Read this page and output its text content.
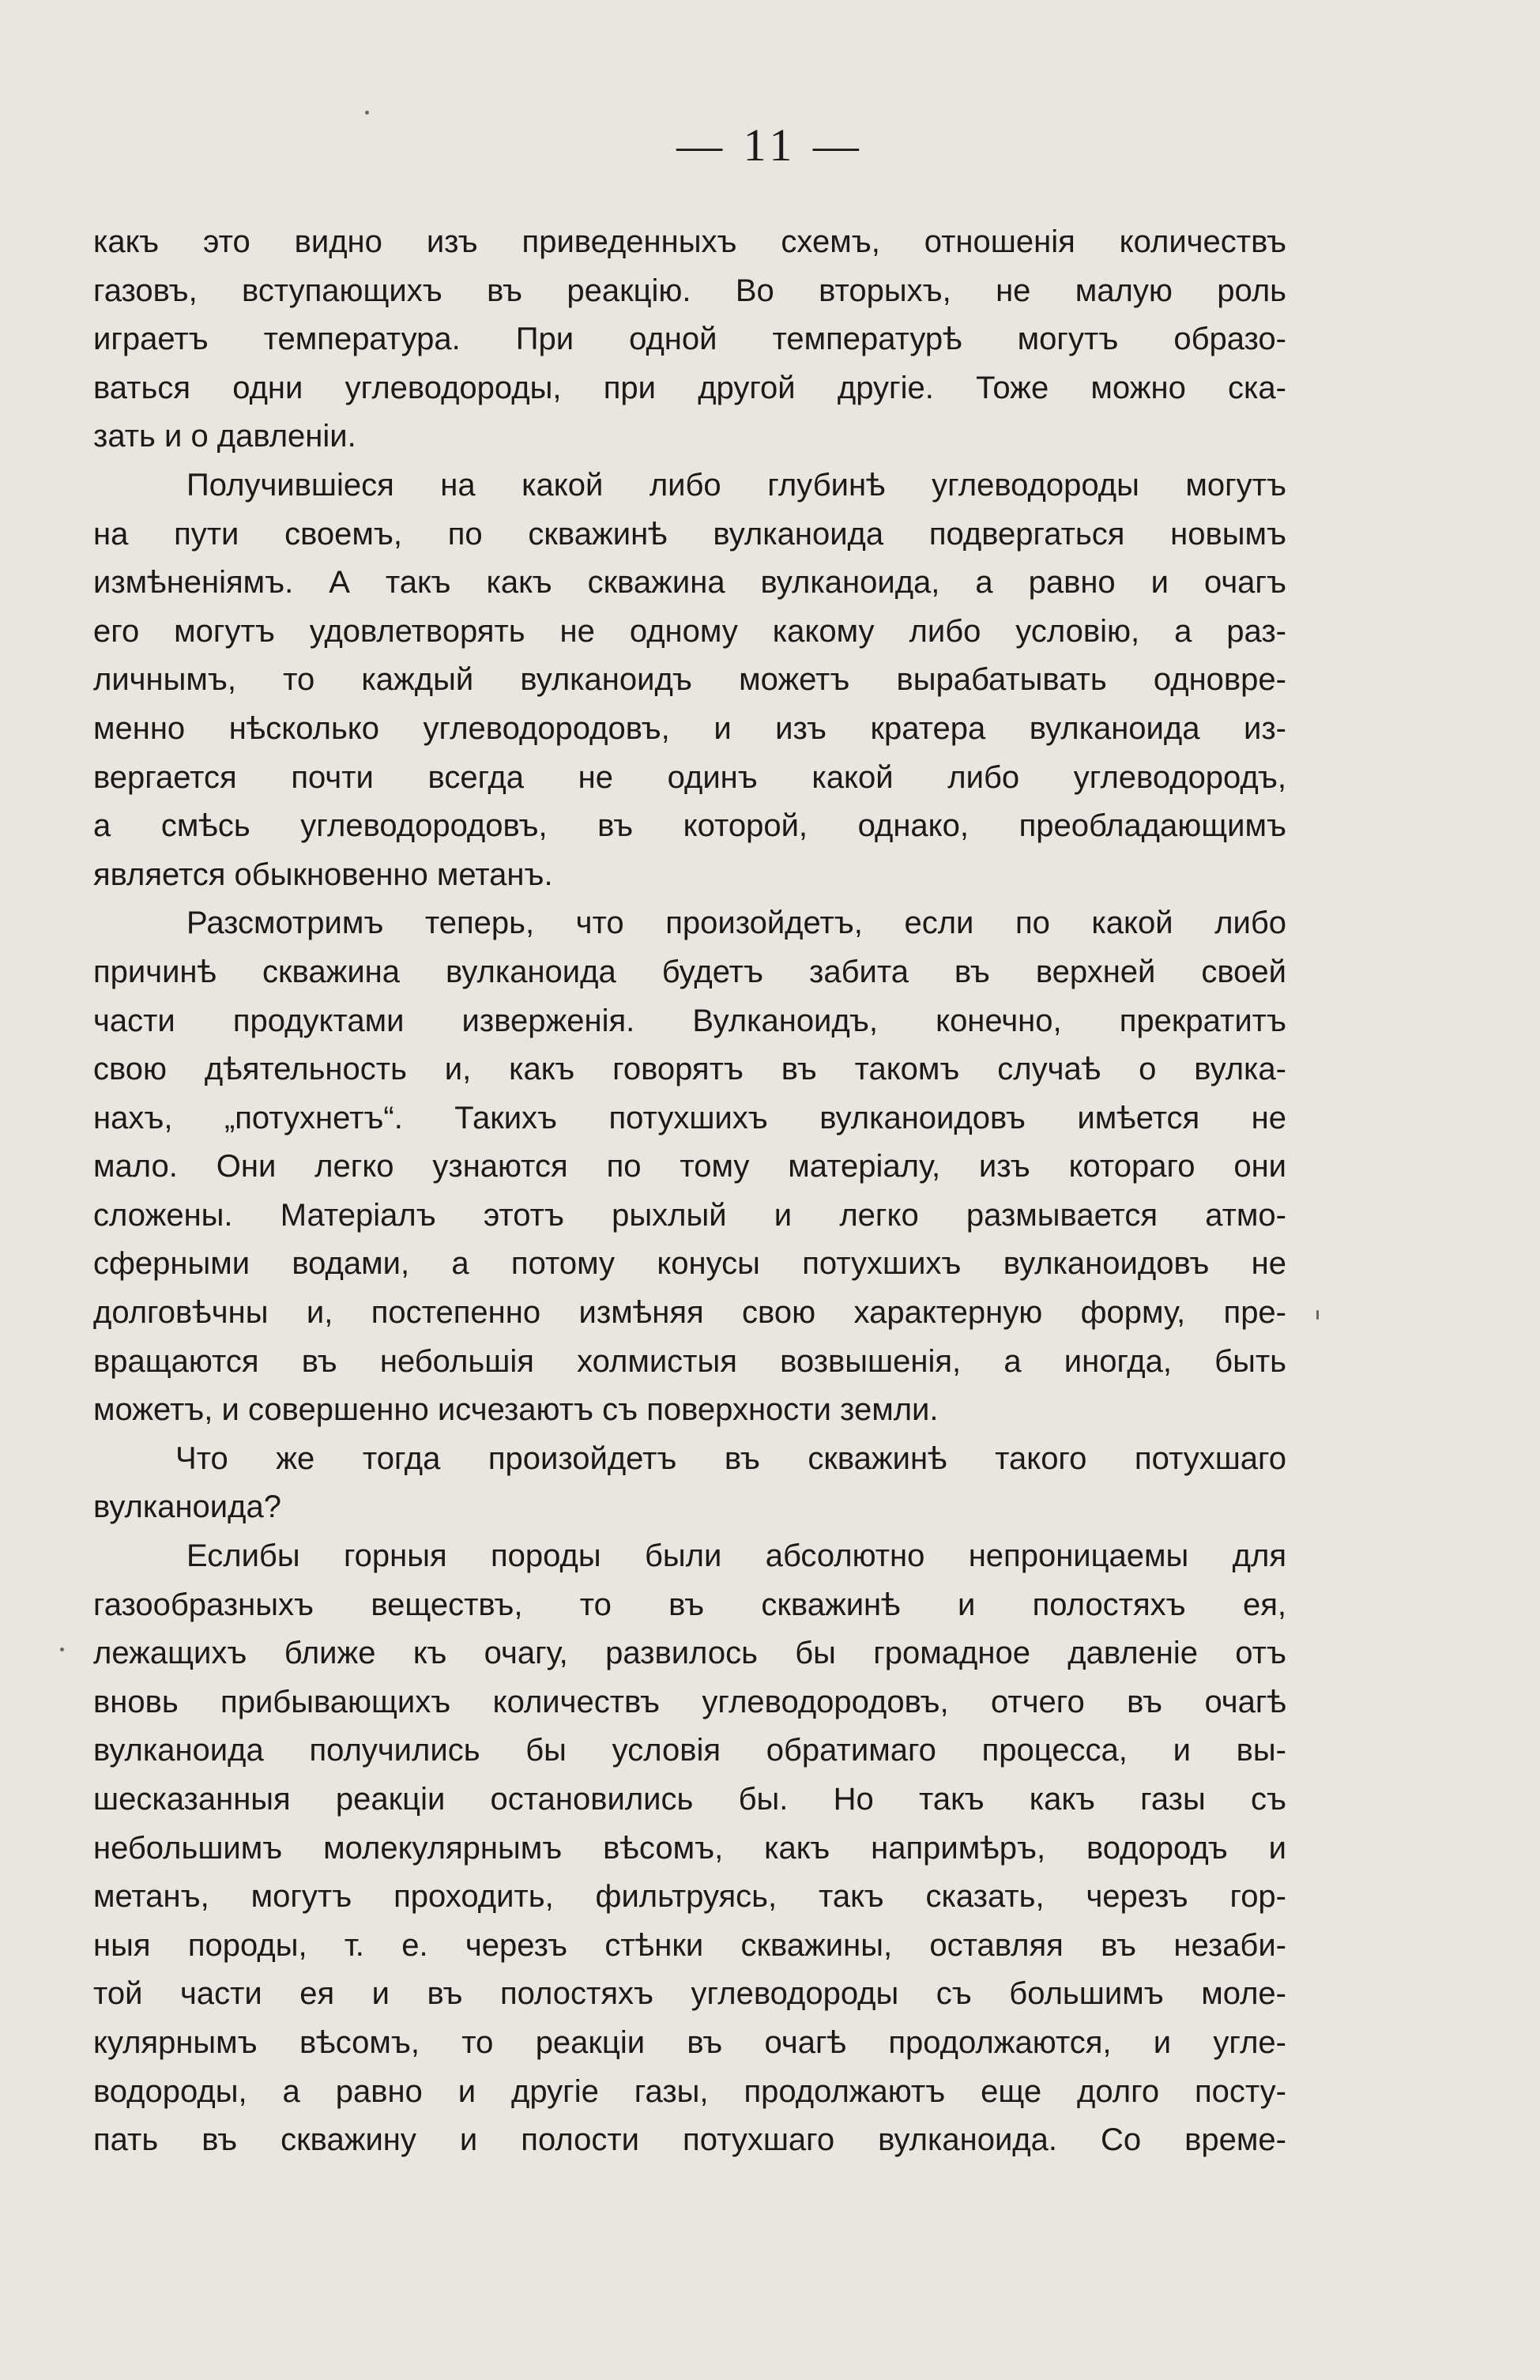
— 11 —
какъ это видно изъ приведенныхъ схемъ, отношенія количествъ
газовъ, вступающихъ въ реакцію. Во вторыхъ, не малую роль
играетъ температура. При одной температурѣ могутъ образо-
ваться одни углеводороды, при другой другіе. Тоже можно ска-
зать и о давленіи.
Получившіеся на какой либо глубинѣ углеводороды могутъ
на пути своемъ, по скважинѣ вулканоида подвергаться новымъ
измѣненіямъ. А такъ какъ скважина вулканоида, а равно и очагъ
его могутъ удовлетворять не одному какому либо условію, а раз-
личнымъ, то каждый вулканоидъ можетъ вырабатывать одновре-
менно нѣсколько углеводородовъ, и изъ кратера вулканоида из-
вергается почти всегда не одинъ какой либо углеводородъ,
а смѣсь углеводородовъ, въ которой, однако, преобладающимъ
является обыкновенно метанъ.
Разсмотримъ теперь, что произойдетъ, если по какой либо
причинѣ скважина вулканоида будетъ забита въ верхней своей
части продуктами изверженія. Вулканоидъ, конечно, прекратитъ
свою дѣятельность и, какъ говорятъ въ такомъ случаѣ о вулка-
нахъ, „потухнетъ“. Такихъ потухшихъ вулканоидовъ имѣется не
мало. Они легко узнаются по тому матеріалу, изъ котораго они
сложены. Матеріалъ этотъ рыхлый и легко размывается атмо-
сферными водами, а потому конусы потухшихъ вулканоидовъ не
долговѣчны и, постепенно измѣняя свою характерную форму, пре-
вращаются въ небольшія холмистыя возвышенія, а иногда, быть
можетъ, и совершенно исчезаютъ съ поверхности земли.
Что же тогда произойдетъ въ скважинѣ такого потухшаго
вулканоида?
Еслибы горныя породы были абсолютно непроницаемы для
газообразныхъ веществъ, то въ скважинѣ и полостяхъ ея,
лежащихъ ближе къ очагу, развилось бы громадное давленіе отъ
вновь прибывающихъ количествъ углеводородовъ, отчего въ очагѣ
вулканоида получились бы условія обратимаго процесса, и вы-
шесказанныя реакціи остановились бы. Но такъ какъ газы съ
небольшимъ молекулярнымъ вѣсомъ, какъ напримѣръ, водородъ и
метанъ, могутъ проходить, фильтруясь, такъ сказать, черезъ гор-
ныя породы, т. е. черезъ стѣнки скважины, оставляя въ незаби-
той части ея и въ полостяхъ углеводороды съ большимъ моле-
кулярнымъ вѣсомъ, то реакціи въ очагѣ продолжаются, и угле-
водороды, а равно и другіе газы, продолжаютъ еще долго посту-
пать въ скважину и полости потухшаго вулканоида. Со време-
